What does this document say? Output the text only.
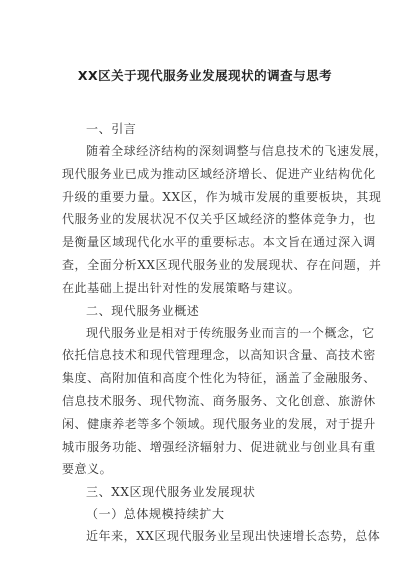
XX区关于现代服务业发展现状的调查与思考
一、引言
随着全球经济结构的深刻调整与信息技术的飞速发展，
现代服务业已成为推动区域经济增长、促进产业结构优化
升级的重要力量。XX区，作为城市发展的重要板块，其现
代服务业的发展状况不仅关乎区域经济的整体竞争力，也
是衡量区域现代化水平的重要标志。本文旨在通过深入调
查，全面分析XX区现代服务业的发展现状、存在问题，并
在此基础上提出针对性的发展策略与建议。
二、现代服务业概述
现代服务业是相对于传统服务业而言的一个概念，它
依托信息技术和现代管理理念，以高知识含量、高技术密
集度、高附加值和高度个性化为特征，涵盖了金融服务、
信息技术服务、现代物流、商务服务、文化创意、旅游休
闲、健康养老等多个领域。现代服务业的发展，对于提升
城市服务功能、增强经济辐射力、促进就业与创业具有重
要意义。
三、XX区现代服务业发展现状
（一）总体规模持续扩大
近年来，XX区现代服务业呈现出快速增长态势，总体
